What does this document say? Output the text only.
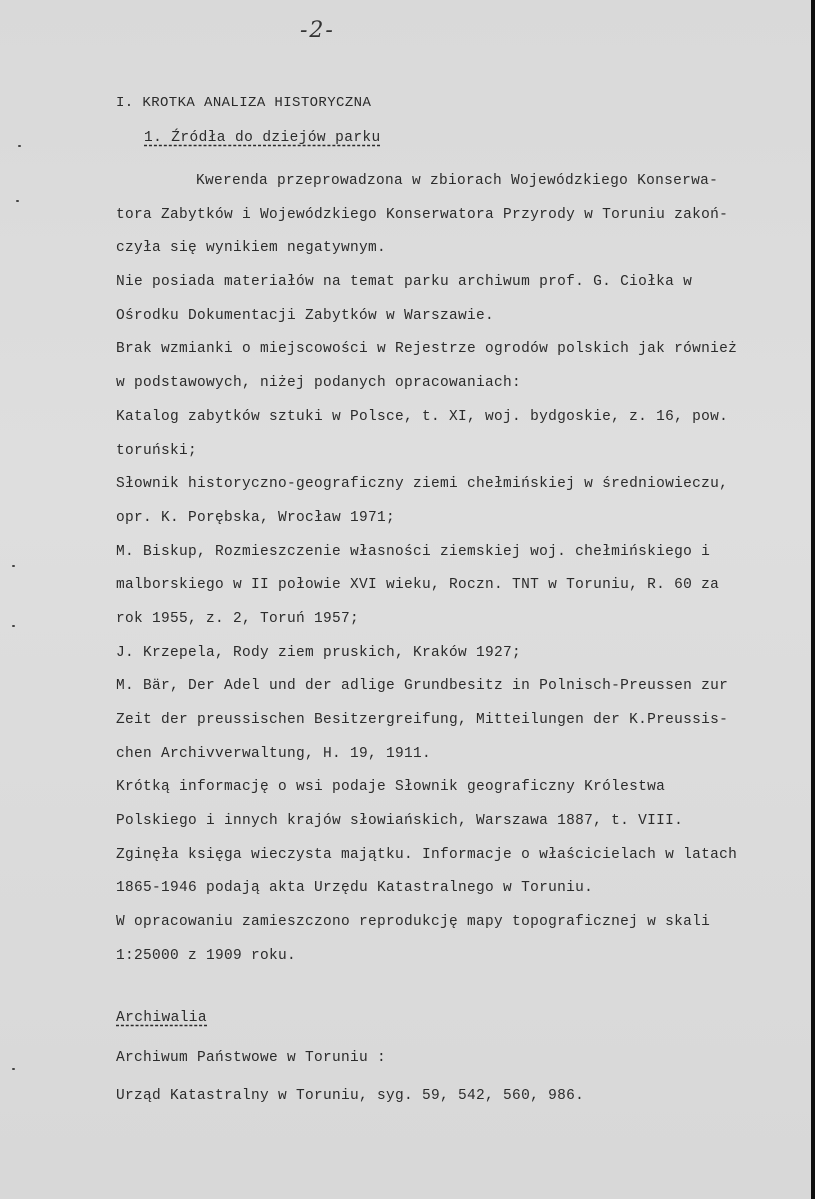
-2-
I. KROTKA ANALIZA HISTORYCZNA
1. Źródła do dziejów parku
Kwerenda przeprowadzona w zbiorach Wojewódzkiego Konserwa-
tora Zabytków i Wojewódzkiego Konserwatora Przyrody w Toruniu zakoń-
czyła się wynikiem negatywnym.
Nie posiada materiałów na temat parku archiwum prof. G. Ciołka w
Ośrodku Dokumentacji Zabytków w Warszawie.
Brak wzmianki o miejscowości w Rejestrze ogrodów polskich jak również
w podstawowych, niżej podanych opracowaniach:
Katalog zabytków sztuki w Polsce, t. XI, woj. bydgoskie, z. 16, pow.
toruński;
Słownik historyczno-geograficzny ziemi chełmińskiej w średniowieczu,
opr. K. Porębska, Wrocław 1971;
M. Biskup, Rozmieszczenie własności ziemskiej woj. chełmińskiego i
malborskiego w II połowie XVI wieku, Roczn. TNT w Toruniu, R. 60 za
rok 1955, z. 2, Toruń 1957;
J. Krzepela, Rody ziem pruskich, Kraków 1927;
M. Bär, Der Adel und der adlige Grundbesitz in Polnisch-Preussen zur
Zeit der preussischen Besitzergreifung, Mitteilungen der K.Preussis-
chen Archivverwaltung, H. 19, 1911.
Krótką informację o wsi podaje Słownik geograficzny Królestwa
Polskiego i innych krajów słowiańskich, Warszawa 1887, t. VIII.
Zginęła księga wieczysta majątku. Informacje o właścicielach w latach
1865-1946 podają akta Urzędu Katastralnego w Toruniu.
W opracowaniu zamieszczono reprodukcję mapy topograficznej w skali
1:25000 z 1909 roku.
Archiwalia
Archiwum Państwowe w Toruniu :
Urząd Katastralny w Toruniu, syg. 59, 542, 560, 986.
